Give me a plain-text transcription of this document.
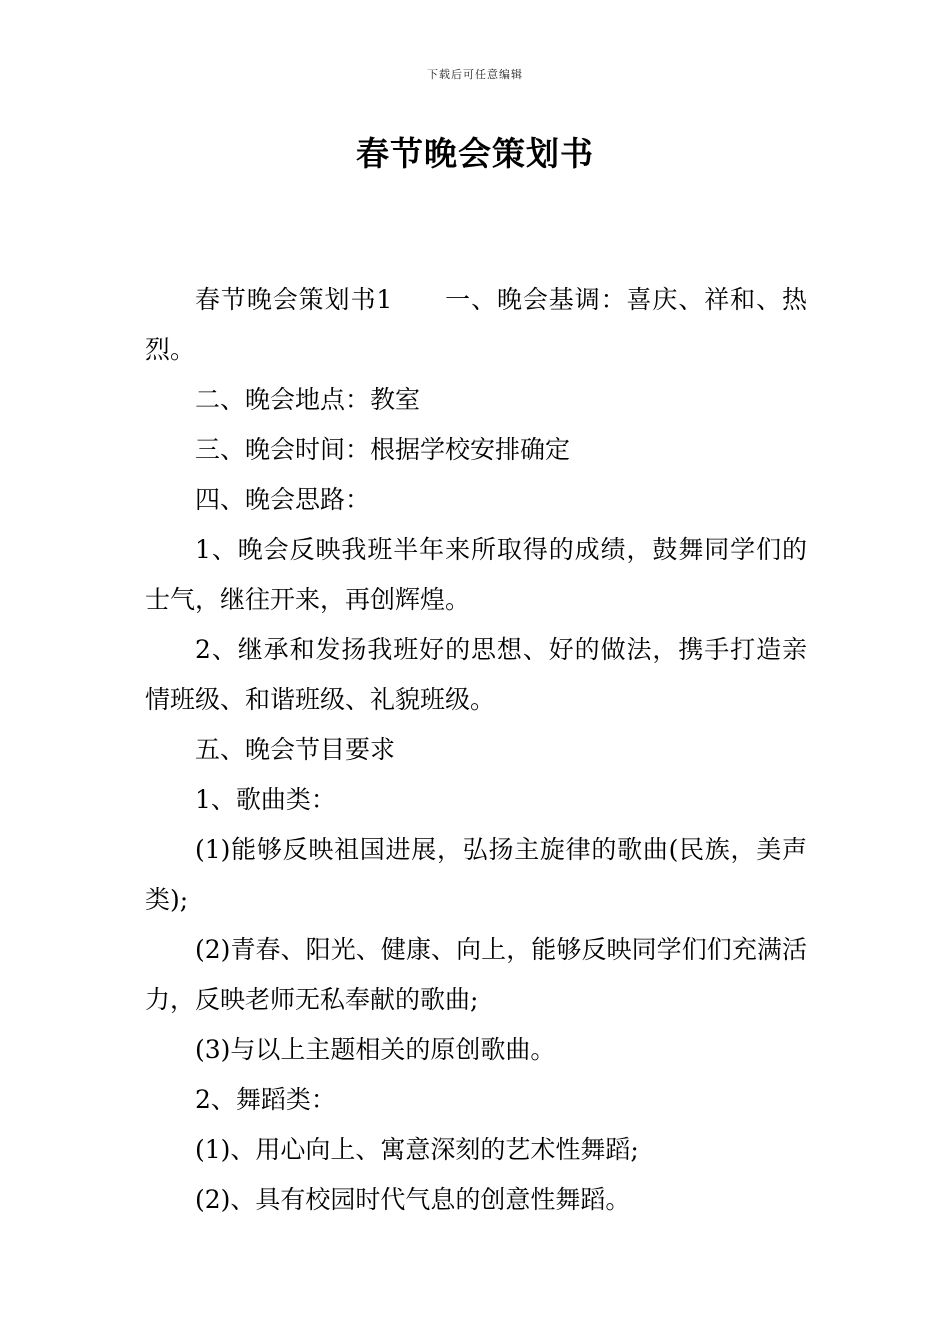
下载后可任意编辑
春节晚会策划书

春节晚会策划书1 一、晚会基调：喜庆、祥和、热烈。

二、晚会地点：教室

三、晚会时间：根据学校安排确定

四、晚会思路：

1、晚会反映我班半年来所取得的成绩，鼓舞同学们的士气，继往开来，再创辉煌。

2、继承和发扬我班好的思想、好的做法，携手打造亲情班级、和谐班级、礼貌班级。

五、晚会节目要求

1、歌曲类：

(1)能够反映祖国进展，弘扬主旋律的歌曲(民族，美声类);

(2)青春、阳光、健康、向上，能够反映同学们们充满活力，反映老师无私奉献的歌曲;

(3)与以上主题相关的原创歌曲。

2、舞蹈类：

(1)、用心向上、寓意深刻的艺术性舞蹈;

(2)、具有校园时代气息的创意性舞蹈。
